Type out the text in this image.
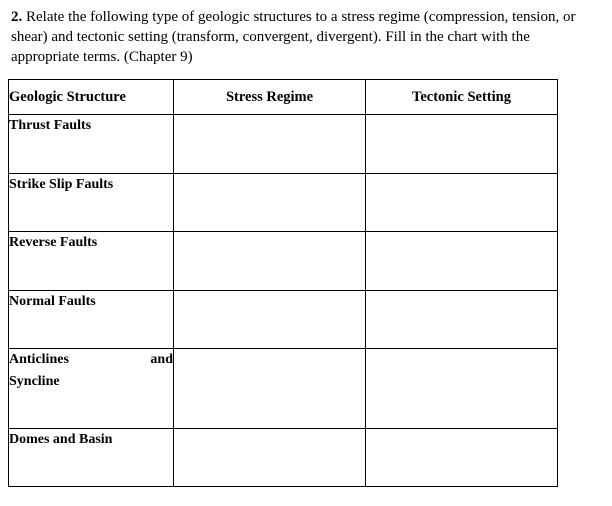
2. Relate the following type of geologic structures to a stress regime (compression, tension, or shear) and tectonic setting (transform, convergent, divergent). Fill in the chart with the appropriate terms. (Chapter 9)
Geologic Structure	Stress Regime	Tectonic Setting
Thrust Faults		
Strike Slip Faults		
Reverse Faults		
Normal Faults		

Anticlines and
Syncline		

Domes and Basin		
